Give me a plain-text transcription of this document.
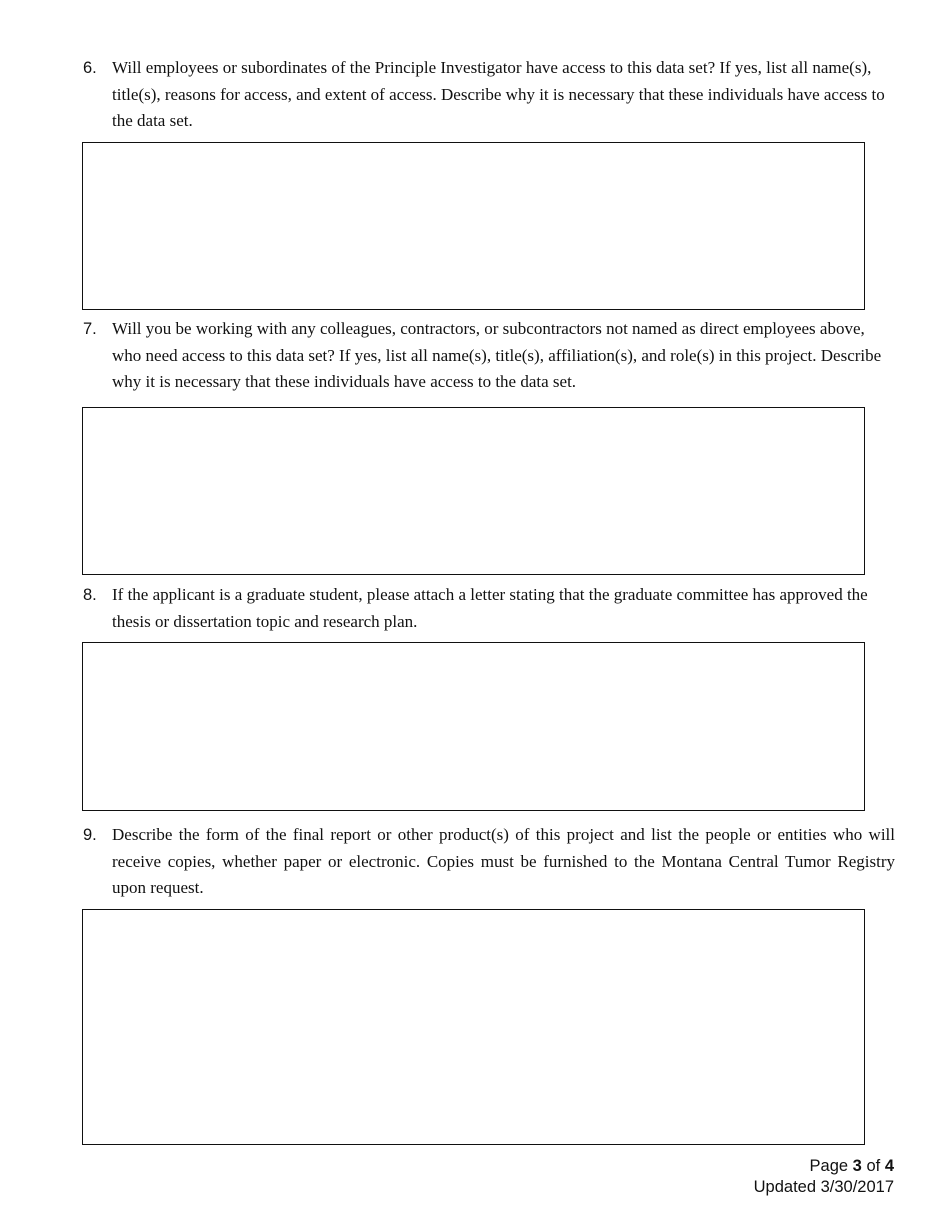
6. Will employees or subordinates of the Principle Investigator have access to this data set? If yes, list all name(s), title(s), reasons for access, and extent of access. Describe why it is necessary that these individuals have access to the data set.
7. Will you be working with any colleagues, contractors, or subcontractors not named as direct employees above, who need access to this data set? If yes, list all name(s), title(s), affiliation(s), and role(s) in this project. Describe why it is necessary that these individuals have access to the data set.
8. If the applicant is a graduate student, please attach a letter stating that the graduate committee has approved the thesis or dissertation topic and research plan.
9. Describe the form of the final report or other product(s) of this project and list the people or entities who will receive copies, whether paper or electronic. Copies must be furnished to the Montana Central Tumor Registry upon request.
Page 3 of 4
Updated 3/30/2017
